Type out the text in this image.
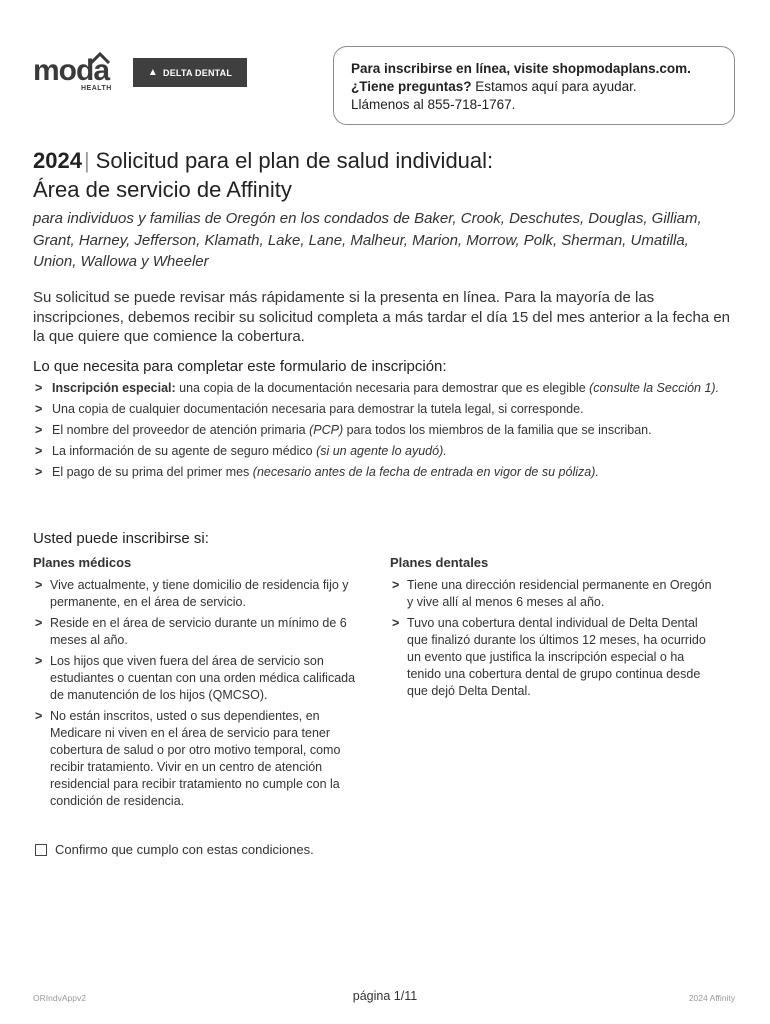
moda
HEALTH
▲ DELTA DENTAL	Para inscribirse en línea, visite shopmodaplans.com.
¿Tiene preguntas? Estamos aquí para ayudar.
Llámenos al 855-718-1767.
2024| Solicitud para el plan de salud individual:
Área de servicio de Affinity
para individuos y familias de Oregón en los condados de Baker, Crook, Deschutes, Douglas, Gilliam, Grant, Harney, Jefferson, Klamath, Lake, Lane, Malheur, Marion, Morrow, Polk, Sherman, Umatilla, Union, Wallowa y Wheeler
Su solicitud se puede revisar más rápidamente si la presenta en línea. Para la mayoría de las inscripciones, debemos recibir su solicitud completa a más tardar el día 15 del mes anterior a la fecha en la que quiere que comience la cobertura.
Lo que necesita para completar este formulario de inscripción:
> Inscripción especial: una copia de la documentación necesaria para demostrar que es elegible (consulte la Sección 1).
> Una copia de cualquier documentación necesaria para demostrar la tutela legal, si corresponde.
> El nombre del proveedor de atención primaria (PCP) para todos los miembros de la familia que se inscriban.
> La información de su agente de seguro médico (si un agente lo ayudó).
> El pago de su prima del primer mes (necesario antes de la fecha de entrada en vigor de su póliza).
Usted puede inscribirse si:
Planes médicos
> Vive actualmente, y tiene domicilio de residencia fijo y permanente, en el área de servicio.
> Reside en el área de servicio durante un mínimo de 6 meses al año.
> Los hijos que viven fuera del área de servicio son estudiantes o cuentan con una orden médica calificada de manutención de los hijos (QMCSO).
> No están inscritos, usted o sus dependientes, en Medicare ni viven en el área de servicio para tener cobertura de salud o por otro motivo temporal, como recibir tratamiento. Vivir en un centro de atención residencial para recibir tratamiento no cumple con la condición de residencia.
Planes dentales
> Tiene una dirección residencial permanente en Oregón y vive allí al menos 6 meses al año.
> Tuvo una cobertura dental individual de Delta Dental que finalizó durante los últimos 12 meses, ha ocurrido un evento que justifica la inscripción especial o ha tenido una cobertura dental de grupo continua desde que dejó Delta Dental.
Confirmo que cumplo con estas condiciones.
ORIndvAppv2	página 1/11	2024 Affinity
